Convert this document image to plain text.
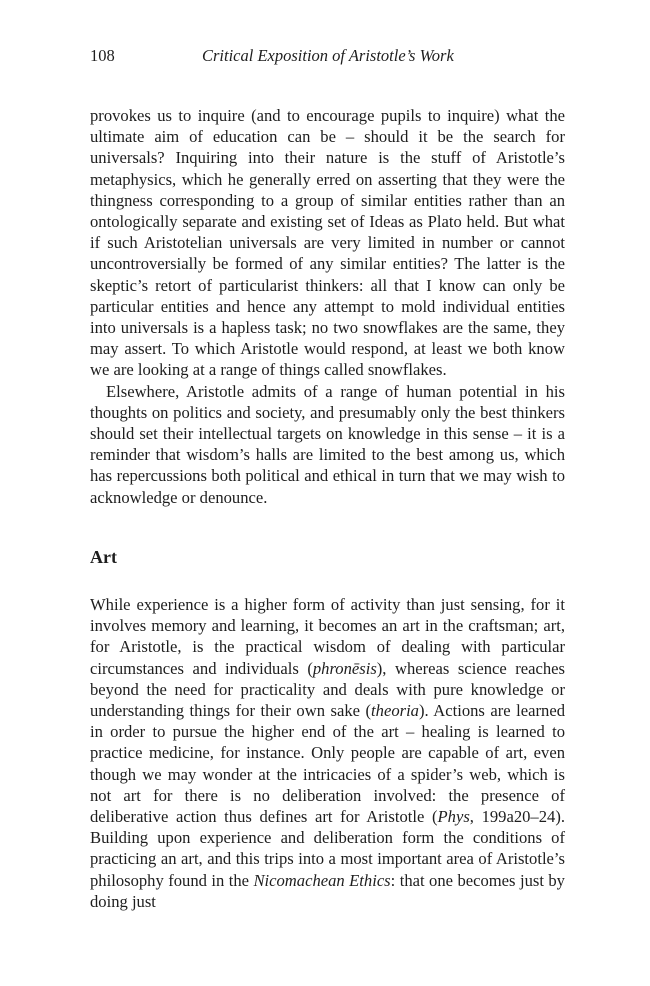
108	Critical Exposition of Aristotle’s Work

provokes us to inquire (and to encourage pupils to inquire) what the ultimate aim of education can be – should it be the search for universals? Inquiring into their nature is the stuff of Aristotle’s metaphysics, which he generally erred on asserting that they were the thingness corresponding to a group of similar entities rather than an ontologically separate and existing set of Ideas as Plato held. But what if such Aristotelian universals are very limited in number or cannot uncontroversially be formed of any similar entities? The latter is the skeptic’s retort of particularist thinkers: all that I know can only be particular entities and hence any attempt to mold individual entities into universals is a hapless task; no two snowflakes are the same, they may assert. To which Aristotle would respond, at least we both know we are looking at a range of things called snowflakes.

Elsewhere, Aristotle admits of a range of human potential in his thoughts on politics and society, and presumably only the best thinkers should set their intellectual targets on knowledge in this sense – it is a reminder that wisdom’s halls are limited to the best among us, which has repercussions both political and ethical in turn that we may wish to acknowledge or denounce.

Art

While experience is a higher form of activity than just sensing, for it involves memory and learning, it becomes an art in the craftsman; art, for Aristotle, is the practical wisdom of dealing with particular circumstances and individuals (phronēsis), whereas science reaches beyond the need for practicality and deals with pure knowledge or understanding things for their own sake (theoria). Actions are learned in order to pursue the higher end of the art – healing is learned to practice medicine, for instance. Only people are capable of art, even though we may wonder at the intricacies of a spider’s web, which is not art for there is no deliberation involved: the presence of deliberative action thus defines art for Aristotle (Phys, 199a20–24). Building upon experience and deliberation form the conditions of practicing an art, and this trips into a most important area of Aristotle’s philosophy found in the Nicomachean Ethics: that one becomes just by doing just
